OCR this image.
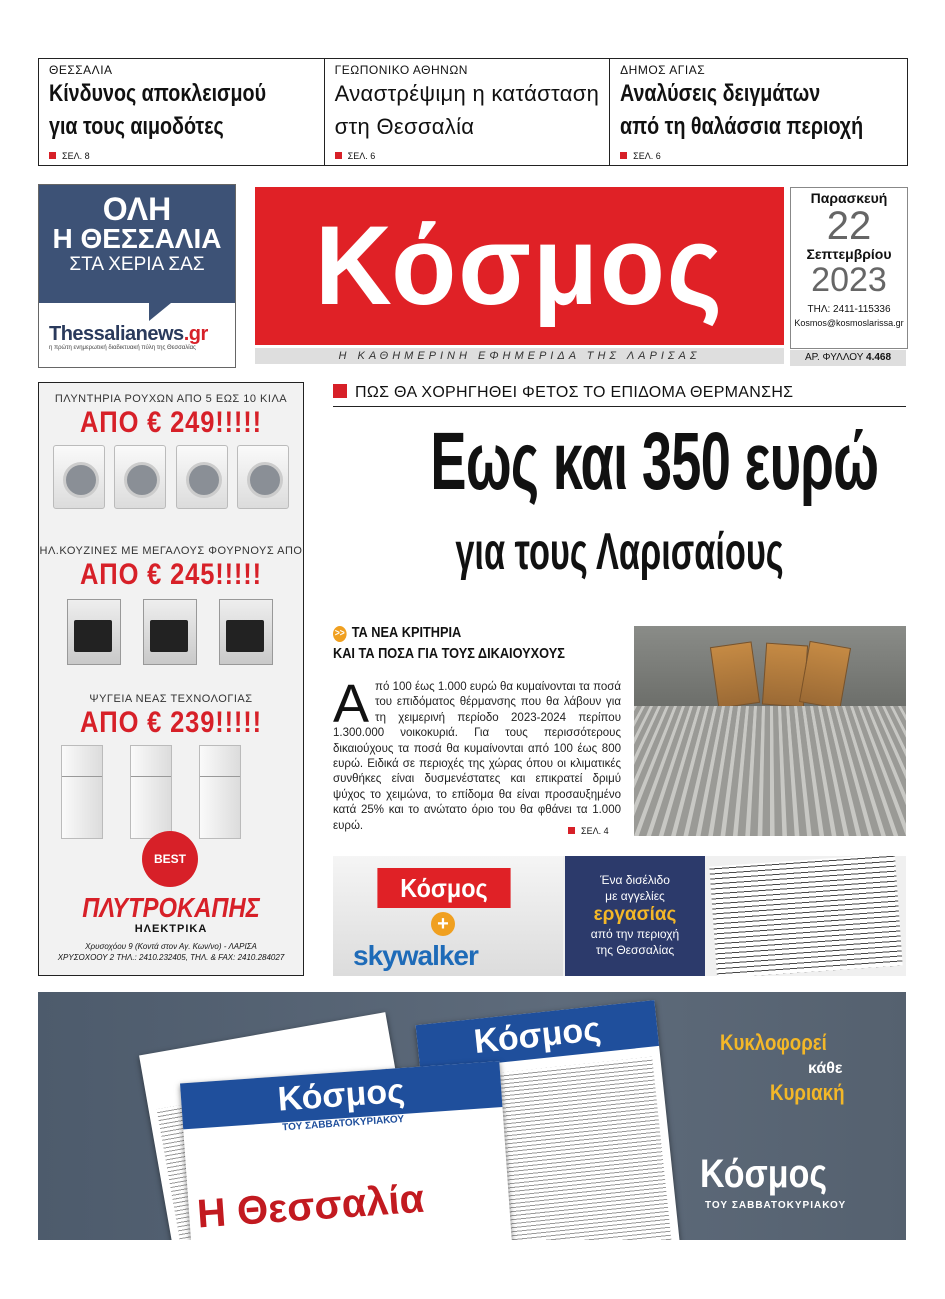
ΘΕΣΣΑΛΙΑ
Κίνδυνος αποκλεισμού
για τους αιμοδότες
ΣΕΛ. 8
ΓΕΩΠΟΝΙΚΟ ΑΘΗΝΩΝ
Αναστρέψιμη η κατάσταση
στη Θεσσαλία
ΣΕΛ. 6
ΔΗΜΟΣ ΑΓΙΑΣ
Αναλύσεις δειγμάτων
από τη θαλάσσια περιοχή
ΣΕΛ. 6
ΟΛΗ
Η ΘΕΣΣΑΛΙΑ
ΣΤΑ ΧΕΡΙΑ ΣΑΣ
Thessalianews.gr
η πρώτη ενημερωτική διαδικτυακή πύλη της Θεσσαλίας
Κόσμος
Η ΚΑΘΗΜΕΡΙΝΗ ΕΦΗΜΕΡΙΔΑ ΤΗΣ ΛΑΡΙΣΑΣ
Παρασκευή
22
Σεπτεμβρίου
2023
ΤΗΛ: 2411-115336
Kosmos@kosmoslarissa.gr
ΑΡ. ΦΥΛΛΟΥ 4.468
ΠΛΥΝΤΗΡΙΑ ΡΟΥΧΩΝ ΑΠΟ 5 ΕΩΣ 10 ΚΙΛΑ
ΑΠΟ € 249!!!!!
ΗΛ.ΚΟΥΖΙΝΕΣ ΜΕ ΜΕΓΑΛΟΥΣ ΦΟΥΡΝΟΥΣ ΑΠΟ
ΑΠΟ € 245!!!!!
ΨΥΓΕΙΑ ΝΕΑΣ ΤΕΧΝΟΛΟΓΙΑΣ
ΑΠΟ € 239!!!!!
BEST
ΠΛΥΤΡΟΚΑΠΗΣ
ΗΛΕΚΤΡΙΚΑ
Χρυσοχόου 9 (Κοντά στον Αγ. Κων/νο) - ΛΑΡΙΣΑ
ΧΡΥΣΟΧΟΟΥ 2 ΤΗΛ.: 2410.232405, ΤΗΛ. & FAX: 2410.284027
ΠΩΣ ΘΑ ΧΟΡΗΓΗΘΕΙ ΦΕΤΟΣ ΤΟ ΕΠΙΔΟΜΑ ΘΕΡΜΑΝΣΗΣ
Εως και 350 ευρώ
για τους Λαρισαίους
>> ΤΑ ΝΕΑ ΚΡΙΤΗΡΙΑ
ΚΑΙ ΤΑ ΠΟΣΑ ΓΙΑ ΤΟΥΣ ΔΙΚΑΙΟΥΧΟΥΣ
Από 100 έως 1.000 ευρώ θα κυμαίνονται τα ποσά του επιδόματος θέρμανσης που θα λάβουν για τη χειμερινή περίοδο 2023-2024 περίπου 1.300.000 νοικοκυριά. Για τους περισσότερους δικαιούχους τα ποσά θα κυμαίνονται από 100 έως 800 ευρώ. Ειδικά σε περιοχές της χώρας όπου οι κλιματικές συνθήκες είναι δυσμενέστατες και επικρατεί δριμύ ψύχος το χειμώνα, το επίδομα θα είναι προσαυξημένο κατά 25% και το ανώτατο όριο του θα φθάνει τα 1.000 ευρώ.	ΣΕΛ. 4
Κόσμος
+
skywalker
Ένα δισέλιδο
με αγγελίες
εργασίας
από την περιοχή
της Θεσσαλίας
Κόσμος
Κόσμος
ΤΟΥ ΣΑΒΒΑΤΟΚΥΡΙΑΚΟΥ
Η Θεσσαλία
Κυκλοφορεί
κάθε
Κυριακή
Κόσμος
ΤΟΥ ΣΑΒΒΑΤΟΚΥΡΙΑΚΟΥ
